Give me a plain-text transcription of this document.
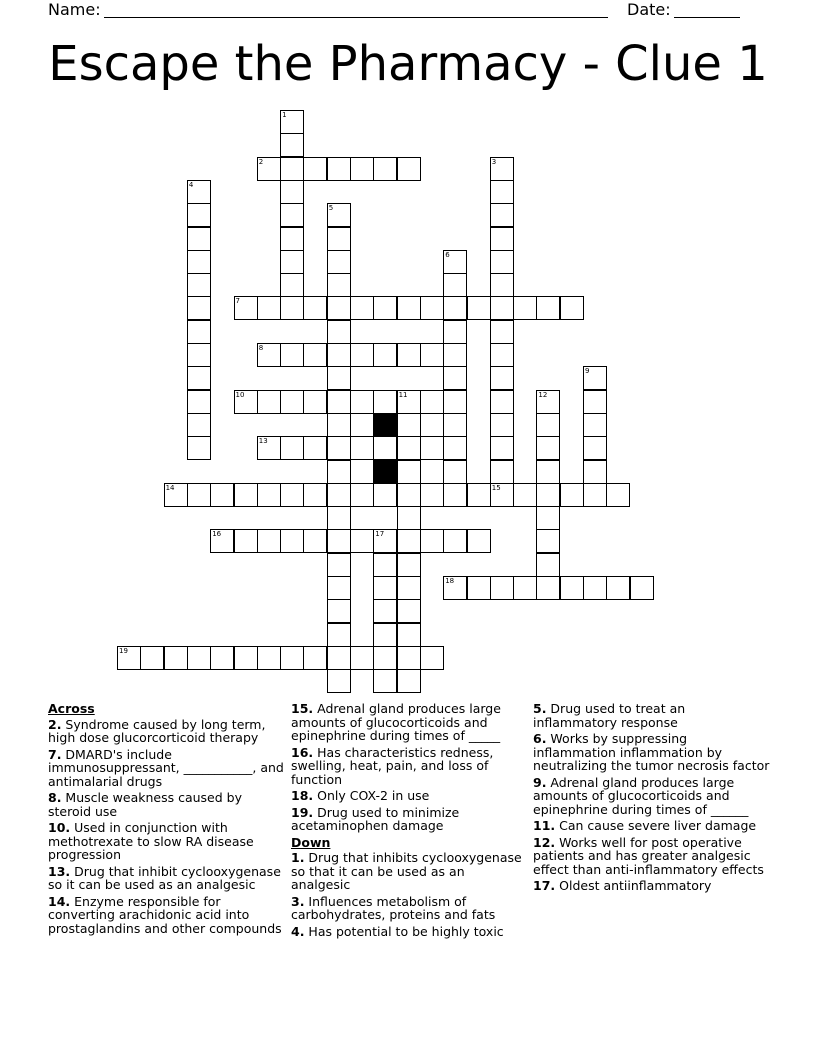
Name:	Date:
Escape the Pharmacy - Clue 1
1
2	3
4
5
6
7
8
9
10	11	12
13
14	15
16	17
18
19
Across
2. Syndrome caused by long term, high dose glucorcorticoid therapy
7. DMARD's include immunosuppressant, ___________, and antimalarial drugs
8. Muscle weakness caused by steroid use
10. Used in conjunction with methotrexate to slow RA disease progression
13. Drug that inhibit cyclooxygenase so it can be used as an analgesic
14. Enzyme responsible for converting arachidonic acid into prostaglandins and other compounds
15. Adrenal gland produces large amounts of glucocorticoids and epinephrine during times of _____
16. Has characteristics redness, swelling, heat, pain, and loss of function
18. Only COX-2 in use
19. Drug used to minimize acetaminophen damage
Down
1. Drug that inhibits cyclooxygenase so that it can be used as an analgesic
3. Influences metabolism of carbohydrates, proteins and fats
4. Has potential to be highly toxic
5. Drug used to treat an inflammatory response
6. Works by suppressing inflammation inflammation by neutralizing the tumor necrosis factor
9. Adrenal gland produces large amounts of glucocorticoids and epinephrine during times of ______
11. Can cause severe liver damage
12. Works well for post operative patients and has greater analgesic effect than anti-inflammatory effects
17. Oldest antiinflammatory
